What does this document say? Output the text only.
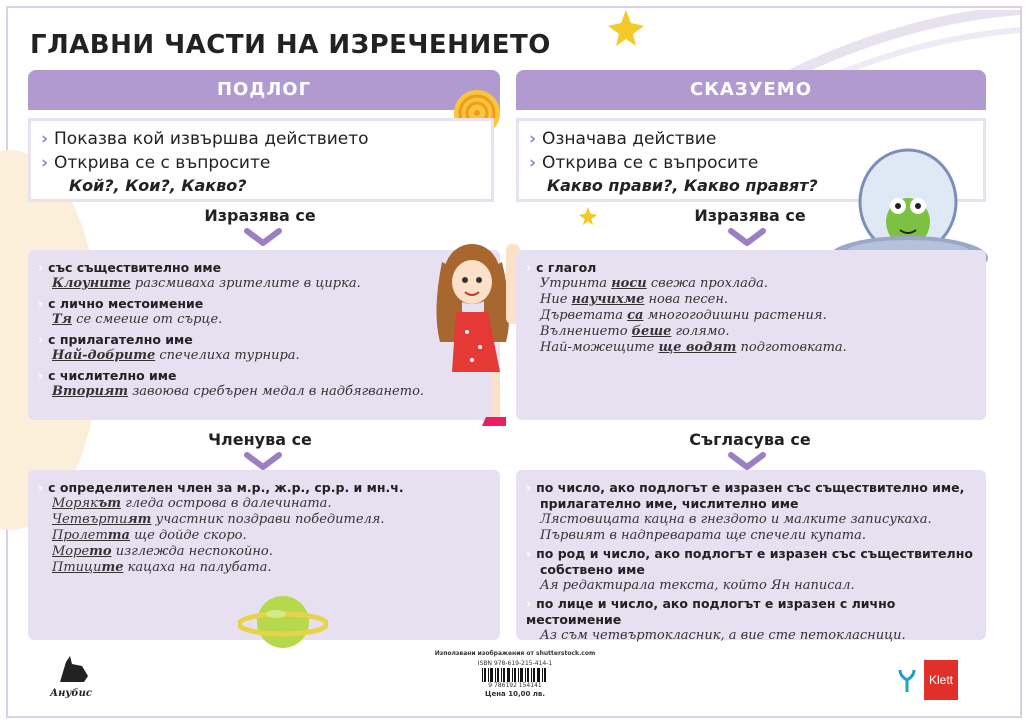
ГЛАВНИ ЧАСТИ НА ИЗРЕЧЕНИЕТО
ПОДЛОГ
› Показва кой извършва действието
› Открива се с въпросите
Кой?, Кои?, Какво?
Изразява се
› със съществително име
Клоуните разсмиваха зрителите в цирка.
› с лично местоимение
Тя се смееше от сърце.
› с прилагателно име
Най-добрите спечелиха турнира.
› с числително име
Вторият завоюва сребърен медал в надбягването.
Членува се
› с определителен член за м.р., ж.р., ср.р. и мн.ч.
Морякът гледа острова в далечината.
Четвъртият участник поздрави победителя.
Пролетта ще дойде скоро.
Морето изглежда неспокойно.
Птиците кацаха на палубата.
СКАЗУЕМО
› Означава действие
› Открива се с въпросите
Какво прави?, Какво правят?
Изразява се
› с глагол
Утринта носи свежа прохлада.
Ние научихме нова песен.
Дърветата са многогодишни растения.
Вълнението беше голямо.
Най-можещите ще водят подготовката.
Съгласува се
› по число, ако подлогът е изразен със съществително име,
прилагателно име, числително име
Лястовицата кацна в гнездото и малките записукаха.
Първият в надпреварата ще спечели купата.
› по род и число, ако подлогът е изразен със съществително
собствено име
Ая редактирала текста, който Ян написал.
› по лице и число, ако подлогът е изразен с лично местоимение
Аз съм четвъртокласник, а вие сте петокласници.
Анубис
Използвани изображения от shutterstock.com
ISBN 978-619-215-414-1
9 786192 154141
Цена 10,00 лв.
Klett
